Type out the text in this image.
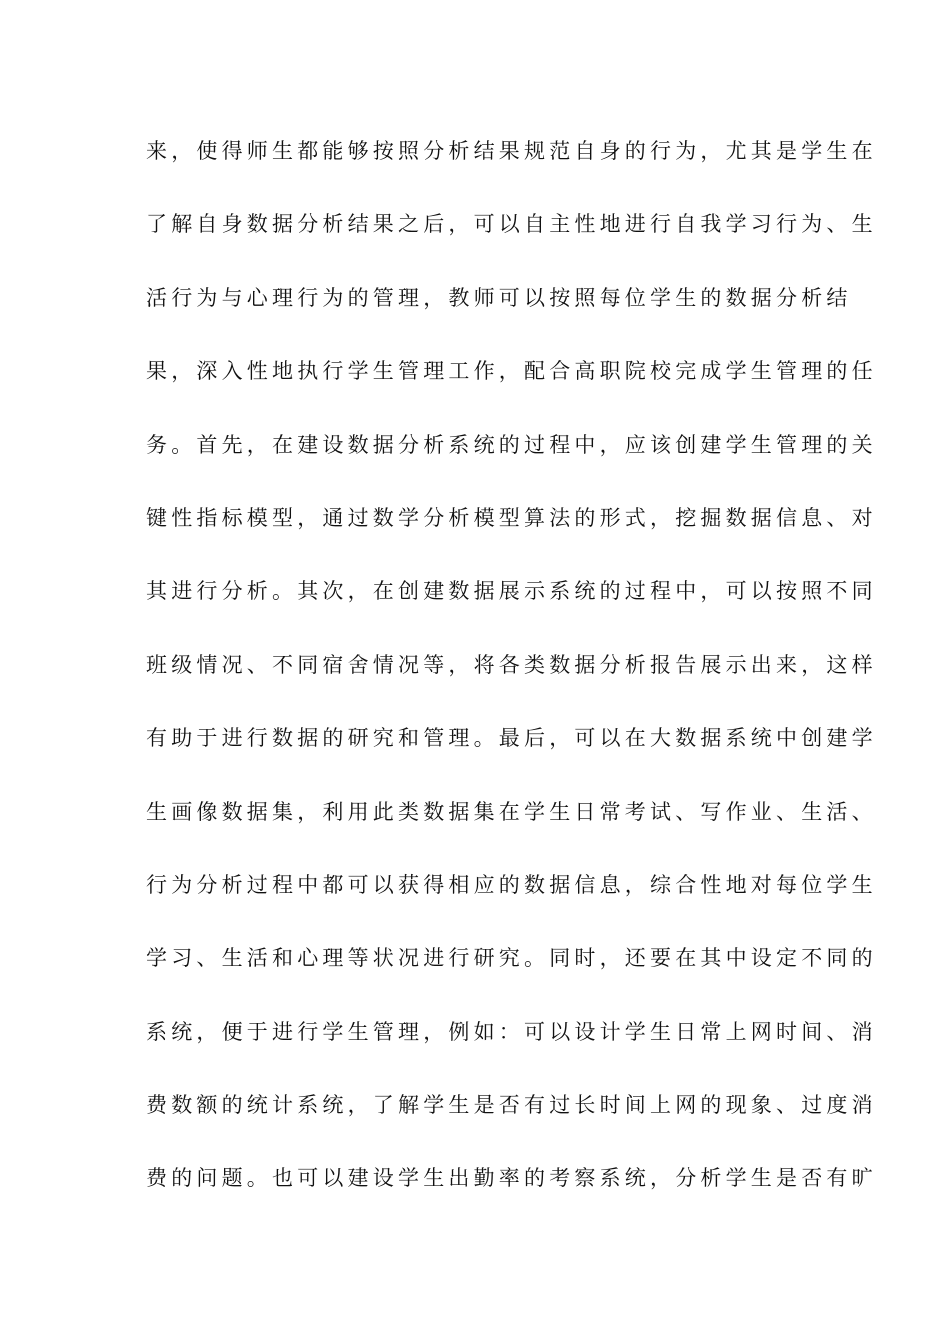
来，使得师生都能够按照分析结果规范自身的行为，尤其是学生在
了解自身数据分析结果之后，可以自主性地进行自我学习行为、生
活行为与心理行为的管理，教师可以按照每位学生的数据分析结
果，深入性地执行学生管理工作，配合高职院校完成学生管理的任
务。首先，在建设数据分析系统的过程中，应该创建学生管理的关
键性指标模型，通过数学分析模型算法的形式，挖掘数据信息、对
其进行分析。其次，在创建数据展示系统的过程中，可以按照不同
班级情况、不同宿舍情况等，将各类数据分析报告展示出来，这样
有助于进行数据的研究和管理。最后，可以在大数据系统中创建学
生画像数据集，利用此类数据集在学生日常考试、写作业、生活、
行为分析过程中都可以获得相应的数据信息，综合性地对每位学生
学习、生活和心理等状况进行研究。同时，还要在其中设定不同的
系统，便于进行学生管理，例如：可以设计学生日常上网时间、消
费数额的统计系统，了解学生是否有过长时间上网的现象、过度消
费的问题。也可以建设学生出勤率的考察系统，分析学生是否有旷
